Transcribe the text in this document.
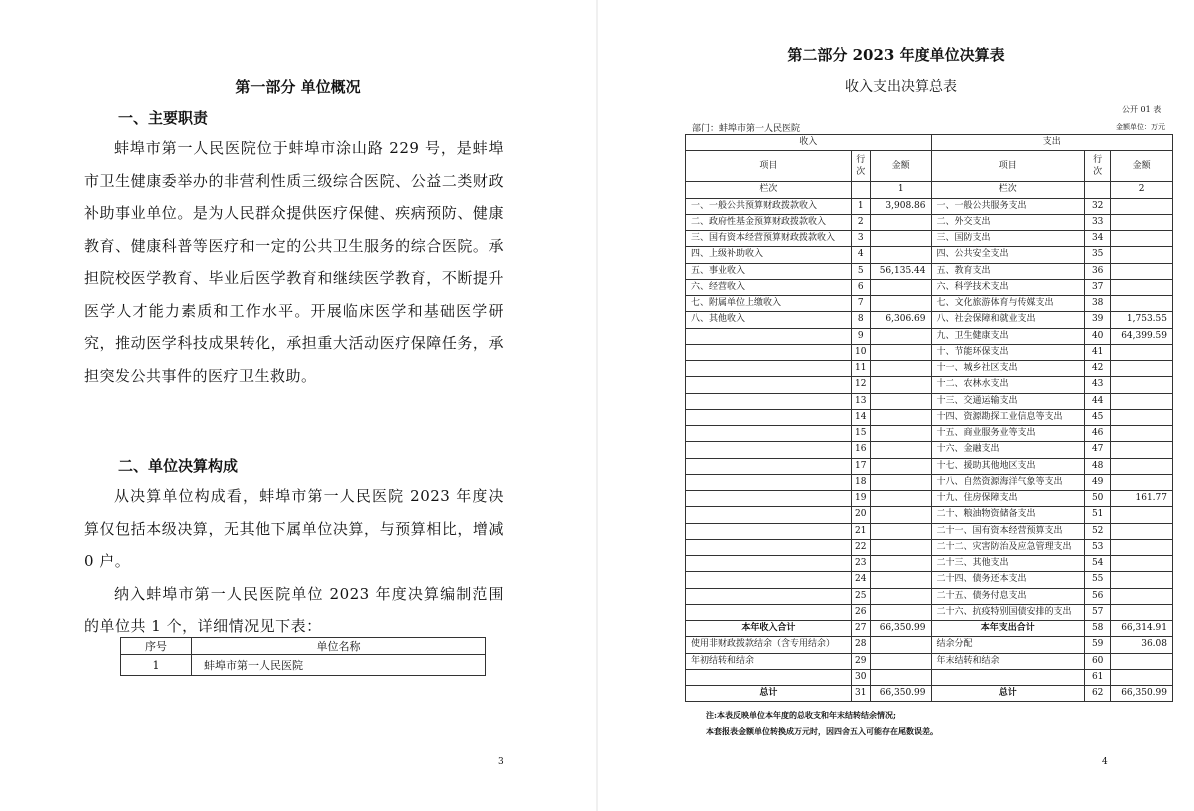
第一部分 单位概况
一、主要职责

蚌埠市第一人民医院位于蚌埠市涂山路 229 号，是蚌埠市卫生健康委举办的非营利性质三级综合医院、公益二类财政补助事业单位。是为人民群众提供医疗保健、疾病预防、健康教育、健康科普等医疗和一定的公共卫生服务的综合医院。承担院校医学教育、毕业后医学教育和继续医学教育，不断提升医学人才能力素质和工作水平。开展临床医学和基础医学研究，推动医学科技成果转化，承担重大活动医疗保障任务，承担突发公共事件的医疗卫生救助。

二、单位决算构成

从决算单位构成看，蚌埠市第一人民医院 2023 年度决算仅包括本级决算，无其他下属单位决算，与预算相比，增减 0 户。

纳入蚌埠市第一人民医院单位 2023 年度决算编制范围的单位共 1 个，详细情况见下表：

序号	单位名称
1	蚌埠市第一人民医院
3
第二部分 2023 年度单位决算表
收入支出决算总表
公开 01 表
部门：蚌埠市第一人民医院	金额单位：万元
收入			支出		
项目	行次	金额	项目	行次	金额
栏次		1	栏次		2
一、一般公共预算财政拨款收入	1	3,908.86	一、一般公共服务支出	32	
二、政府性基金预算财政拨款收入	2		二、外交支出	33	
三、国有资本经营预算财政拨款收入	3		三、国防支出	34	
四、上级补助收入	4		四、公共安全支出	35	
五、事业收入	5	56,135.44	五、教育支出	36	
六、经营收入	6		六、科学技术支出	37	
七、附属单位上缴收入	7		七、文化旅游体育与传媒支出	38	
八、其他收入	8	6,306.69	八、社会保障和就业支出	39	1,753.55
	9		九、卫生健康支出	40	64,399.59
	10		十、节能环保支出	41	
	11		十一、城乡社区支出	42	
	12		十二、农林水支出	43	
	13		十三、交通运输支出	44	
	14		十四、资源勘探工业信息等支出	45	
	15		十五、商业服务业等支出	46	
	16		十六、金融支出	47	
	17		十七、援助其他地区支出	48	
	18		十八、自然资源海洋气象等支出	49	
	19		十九、住房保障支出	50	161.77
	20		二十、粮油物资储备支出	51	
	21		二十一、国有资本经营预算支出	52	
	22		二十二、灾害防治及应急管理支出	53	
	23		二十三、其他支出	54	
	24		二十四、债务还本支出	55	
	25		二十五、债务付息支出	56	
	26		二十六、抗疫特别国债安排的支出	57	
本年收入合计	27	66,350.99	本年支出合计	58	66,314.91
使用非财政拨款结余（含专用结余）	28		结余分配	59	36.08
年初结转和结余	29		年末结转和结余	60	
	30			61	
总计	31	66,350.99	总计	62	66,350.99
注:本表反映单位本年度的总收支和年末结转结余情况;
本套报表金额单位转换成万元时，因四舍五入可能存在尾数误差。
4
